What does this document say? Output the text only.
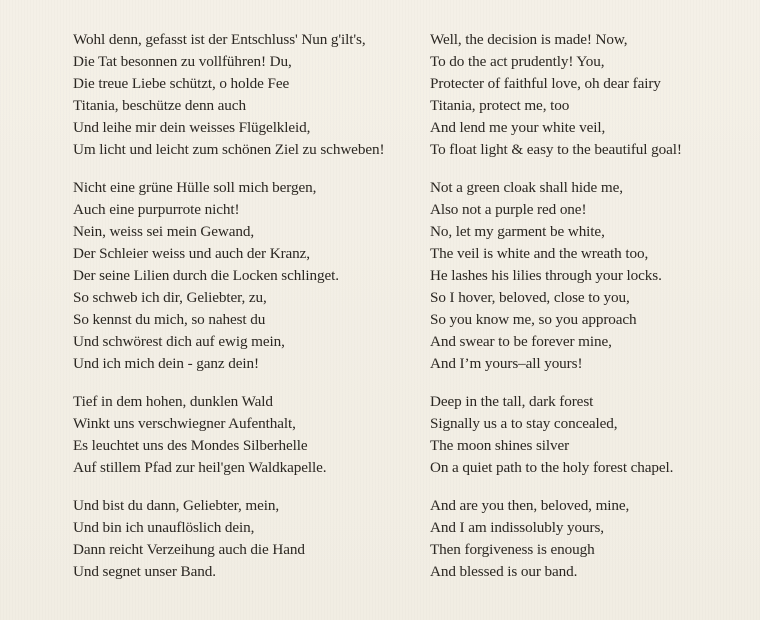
Wohl denn, gefasst ist der Entschluss' Nun g'ilt's,
Die Tat besonnen zu vollführen! Du,
Die treue Liebe schützt, o holde Fee
Titania, beschütze denn auch
Und leihe mir dein weisses Flügelkleid,
Um licht und leicht zum schönen Ziel zu schweben!
Nicht eine grüne Hülle soll mich bergen,
Auch eine purpurrote nicht!
Nein, weiss sei mein Gewand,
Der Schleier weiss und auch der Kranz,
Der seine Lilien durch die Locken schlinget.
So schweb ich dir, Geliebter, zu,
So kennst du mich, so nahest du
Und schwörest dich auf ewig mein,
Und ich mich dein - ganz dein!
Tief in dem hohen, dunklen Wald
Winkt uns verschwiegner Aufenthalt,
Es leuchtet uns des Mondes Silberhelle
Auf stillem Pfad zur heil'gen Waldkapelle.
Und bist du dann, Geliebter, mein,
Und bin ich unauflöslich dein,
Dann reicht Verzeihung auch die Hand
Und segnet unser Band.
Well, the decision is made! Now,
To do the act prudently! You,
Protecter of faithful love, oh dear fairy
Titania, protect me, too
And lend me your white veil,
To float light & easy to the beautiful goal!
Not a green cloak shall hide me,
Also not a purple red one!
No, let my garment be white,
The veil is white and the wreath too,
He lashes his lilies through your locks.
So I hover, beloved, close to you,
So you know me, so you approach
And swear to be forever mine,
And I’m yours–all yours!
Deep in the tall, dark forest
Signally us a to stay concealed,
The moon shines silver
On a quiet path to the holy forest chapel.
And are you then, beloved, mine,
And I am indissolubly yours,
Then forgiveness is enough
And blessed is our band.
